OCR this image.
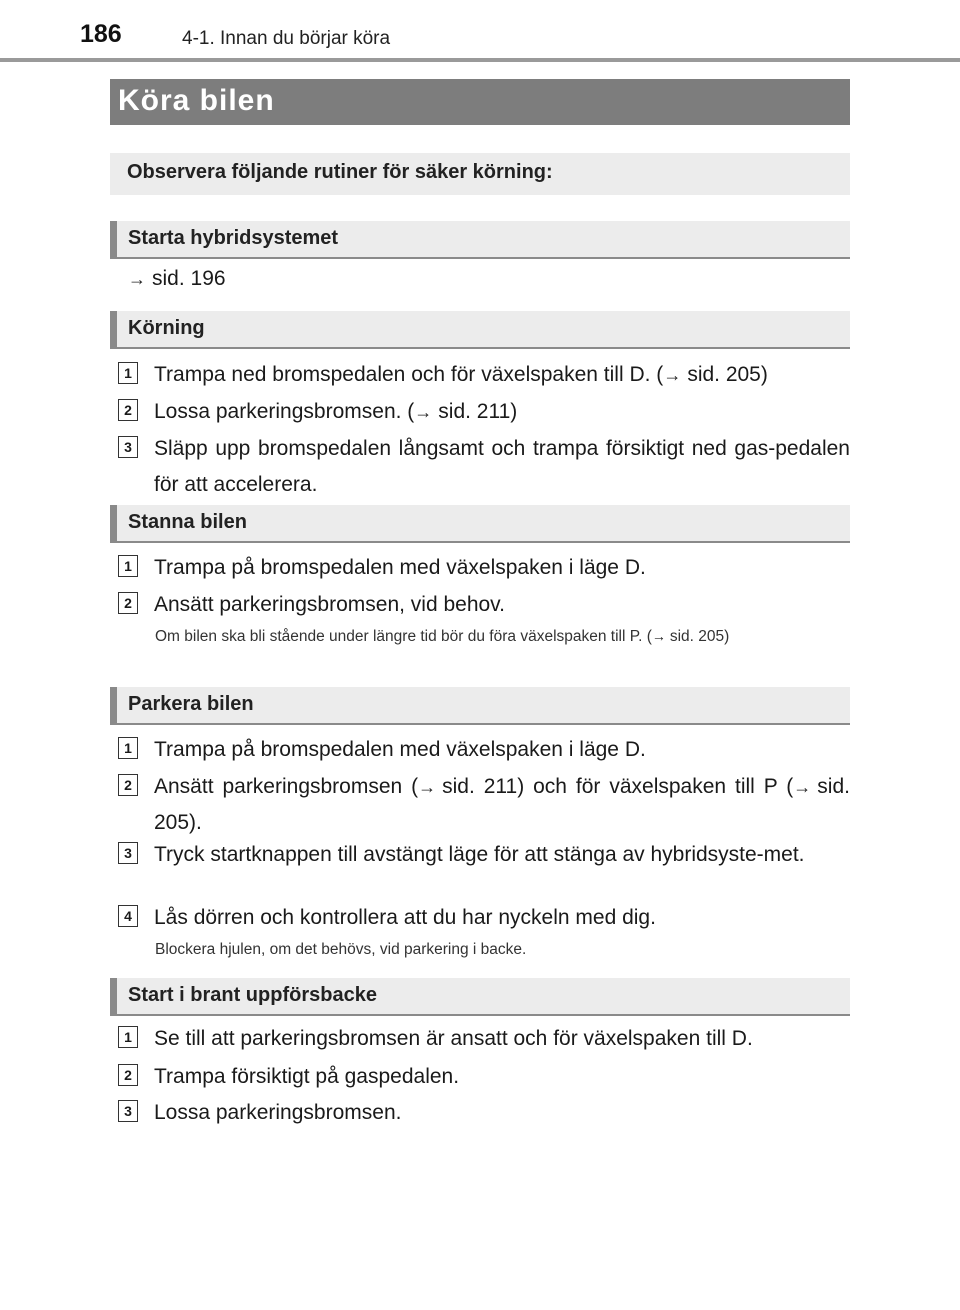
186	4-1. Innan du börjar köra
Köra bilen
Observera följande rutiner för säker körning:
Starta hybridsystemet
→ sid. 196
Körning
1 Trampa ned bromspedalen och för växelspaken till D. (→ sid. 205)
2 Lossa parkeringsbromsen. (→ sid. 211)
3 Släpp upp bromspedalen långsamt och trampa försiktigt ned gas-pedalen för att accelerera.
Stanna bilen
1 Trampa på bromspedalen med växelspaken i läge D.
2 Ansätt parkeringsbromsen, vid behov.
Om bilen ska bli stående under längre tid bör du föra växelspaken till P. (→ sid. 205)
Parkera bilen
1 Trampa på bromspedalen med växelspaken i läge D.
2 Ansätt parkeringsbromsen (→ sid. 211) och för växelspaken till P (→ sid. 205).
3 Tryck startknappen till avstängt läge för att stänga av hybridsyste-met.
4 Lås dörren och kontrollera att du har nyckeln med dig.
Blockera hjulen, om det behövs, vid parkering i backe.
Start i brant uppförsbacke
1 Se till att parkeringsbromsen är ansatt och för växelspaken till D.
2 Trampa försiktigt på gaspedalen.
3 Lossa parkeringsbromsen.
